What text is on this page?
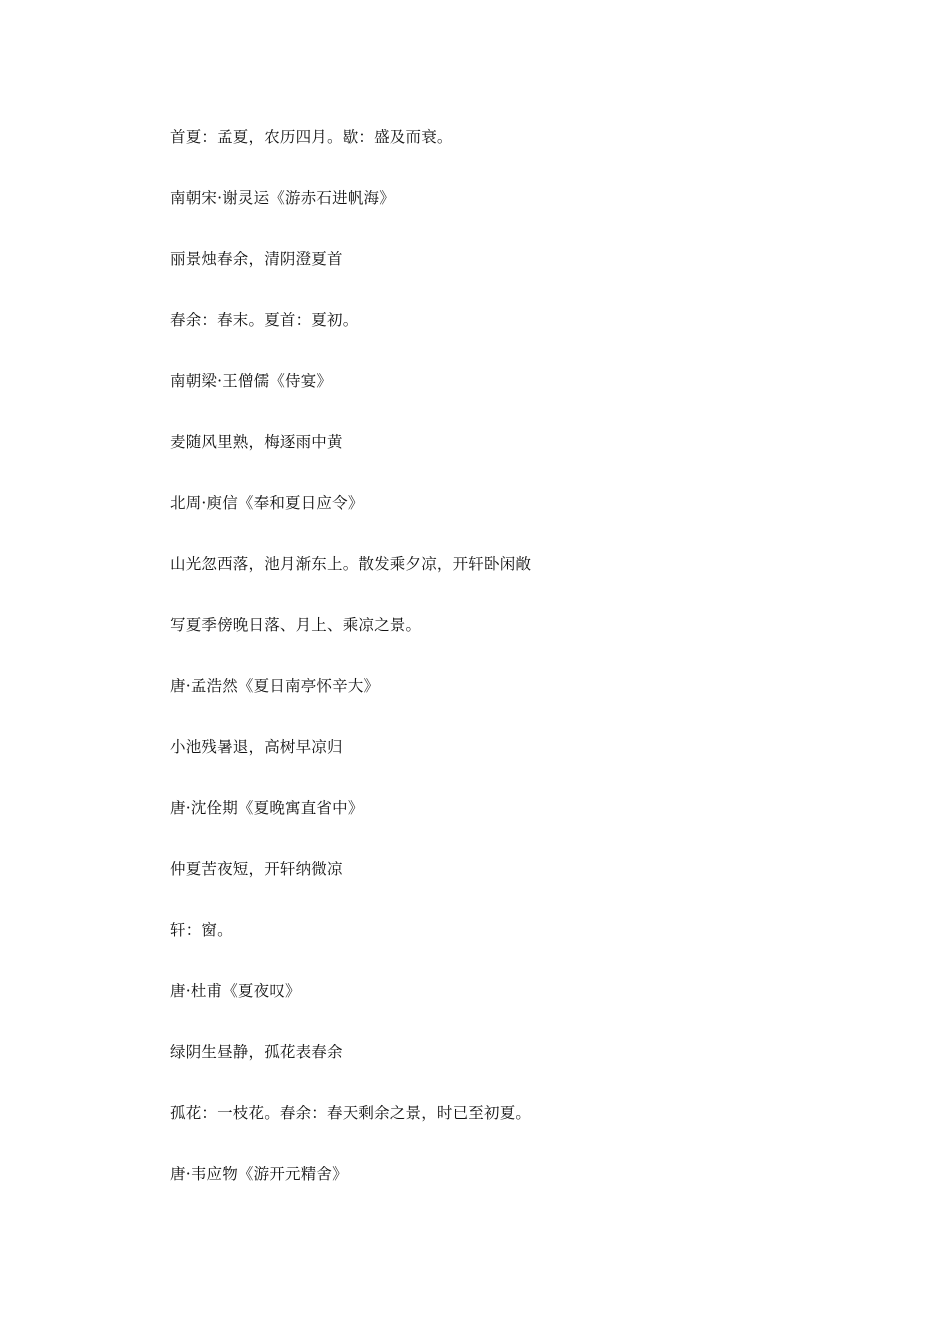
首夏：孟夏，农历四月。歇：盛及而衰。
南朝宋·谢灵运《游赤石进帆海》
丽景烛春余，清阴澄夏首
春余：春末。夏首：夏初。
南朝梁·王僧儒《侍宴》
麦随风里熟，梅逐雨中黄
北周·庾信《奉和夏日应令》
山光忽西落，池月渐东上。散发乘夕凉，开轩卧闲敞
写夏季傍晚日落、月上、乘凉之景。
唐·孟浩然《夏日南亭怀辛大》
小池残暑退，高树早凉归
唐·沈佺期《夏晚寓直省中》
仲夏苦夜短，开轩纳微凉
轩：窗。
唐·杜甫《夏夜叹》
绿阴生昼静，孤花表春余
孤花：一枝花。春余：春天剩余之景，时已至初夏。
唐·韦应物《游开元精舍》
